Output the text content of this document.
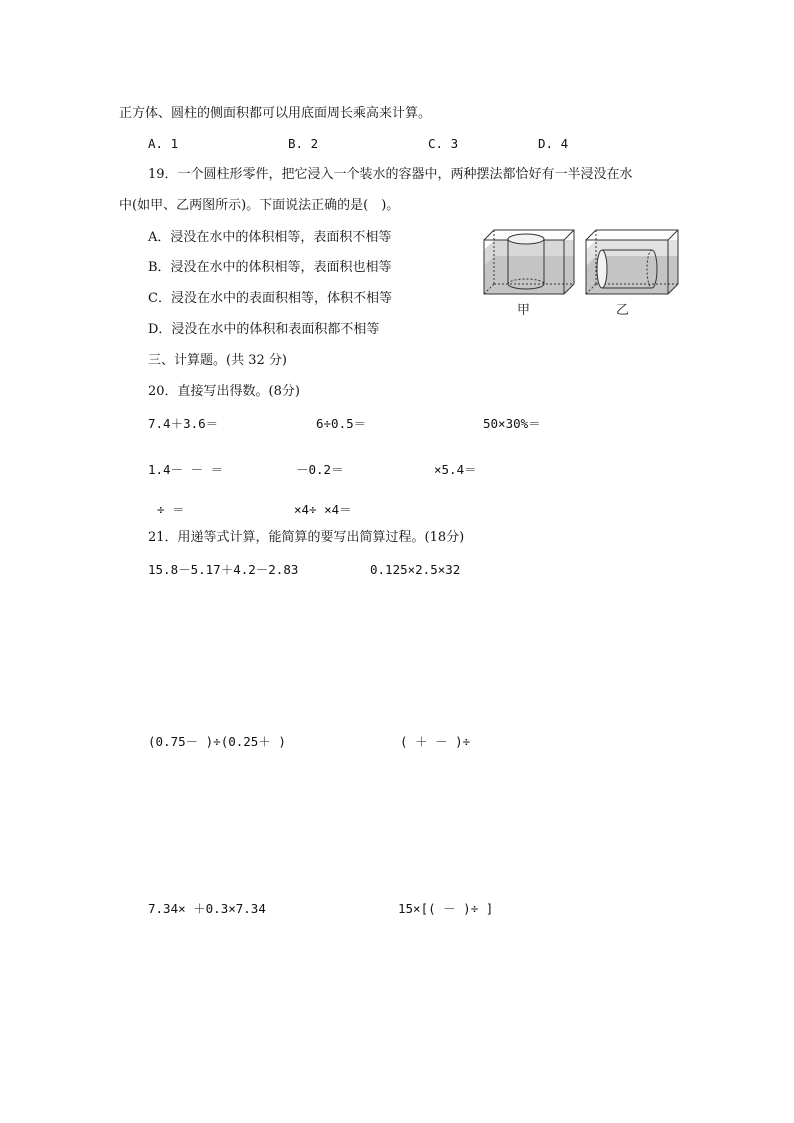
正方体、圆柱的侧面积都可以用底面周长乘高来计算。
A. 1	B. 2	C. 3	D. 4
19．一个圆柱形零件，把它浸入一个装水的容器中，两种摆法都恰好有一半浸没在水
中(如甲、乙两图所示)。下面说法正确的是(　)。
A．浸没在水中的体积相等，表面积不相等
B．浸没在水中的体积相等，表面积也相等
C．浸没在水中的表面积相等，体积不相等
D．浸没在水中的体积和表面积都不相等
甲	乙
三、计算题。(共 32 分)
20．直接写出得数。(8分)
7.4＋3.6＝	6÷0.5＝	50×30%＝
1.4－ － ＝	－0.2＝	×5.4＝
÷ ＝	×4÷ ×4＝
21．用递等式计算，能简算的要写出简算过程。(18分)
15.8－5.17＋4.2－2.83	0.125×2.5×32
(0.75－ )÷(0.25＋ )	( ＋ － )÷
7.34× ＋0.3×7.34	15×[( － )÷ ]
